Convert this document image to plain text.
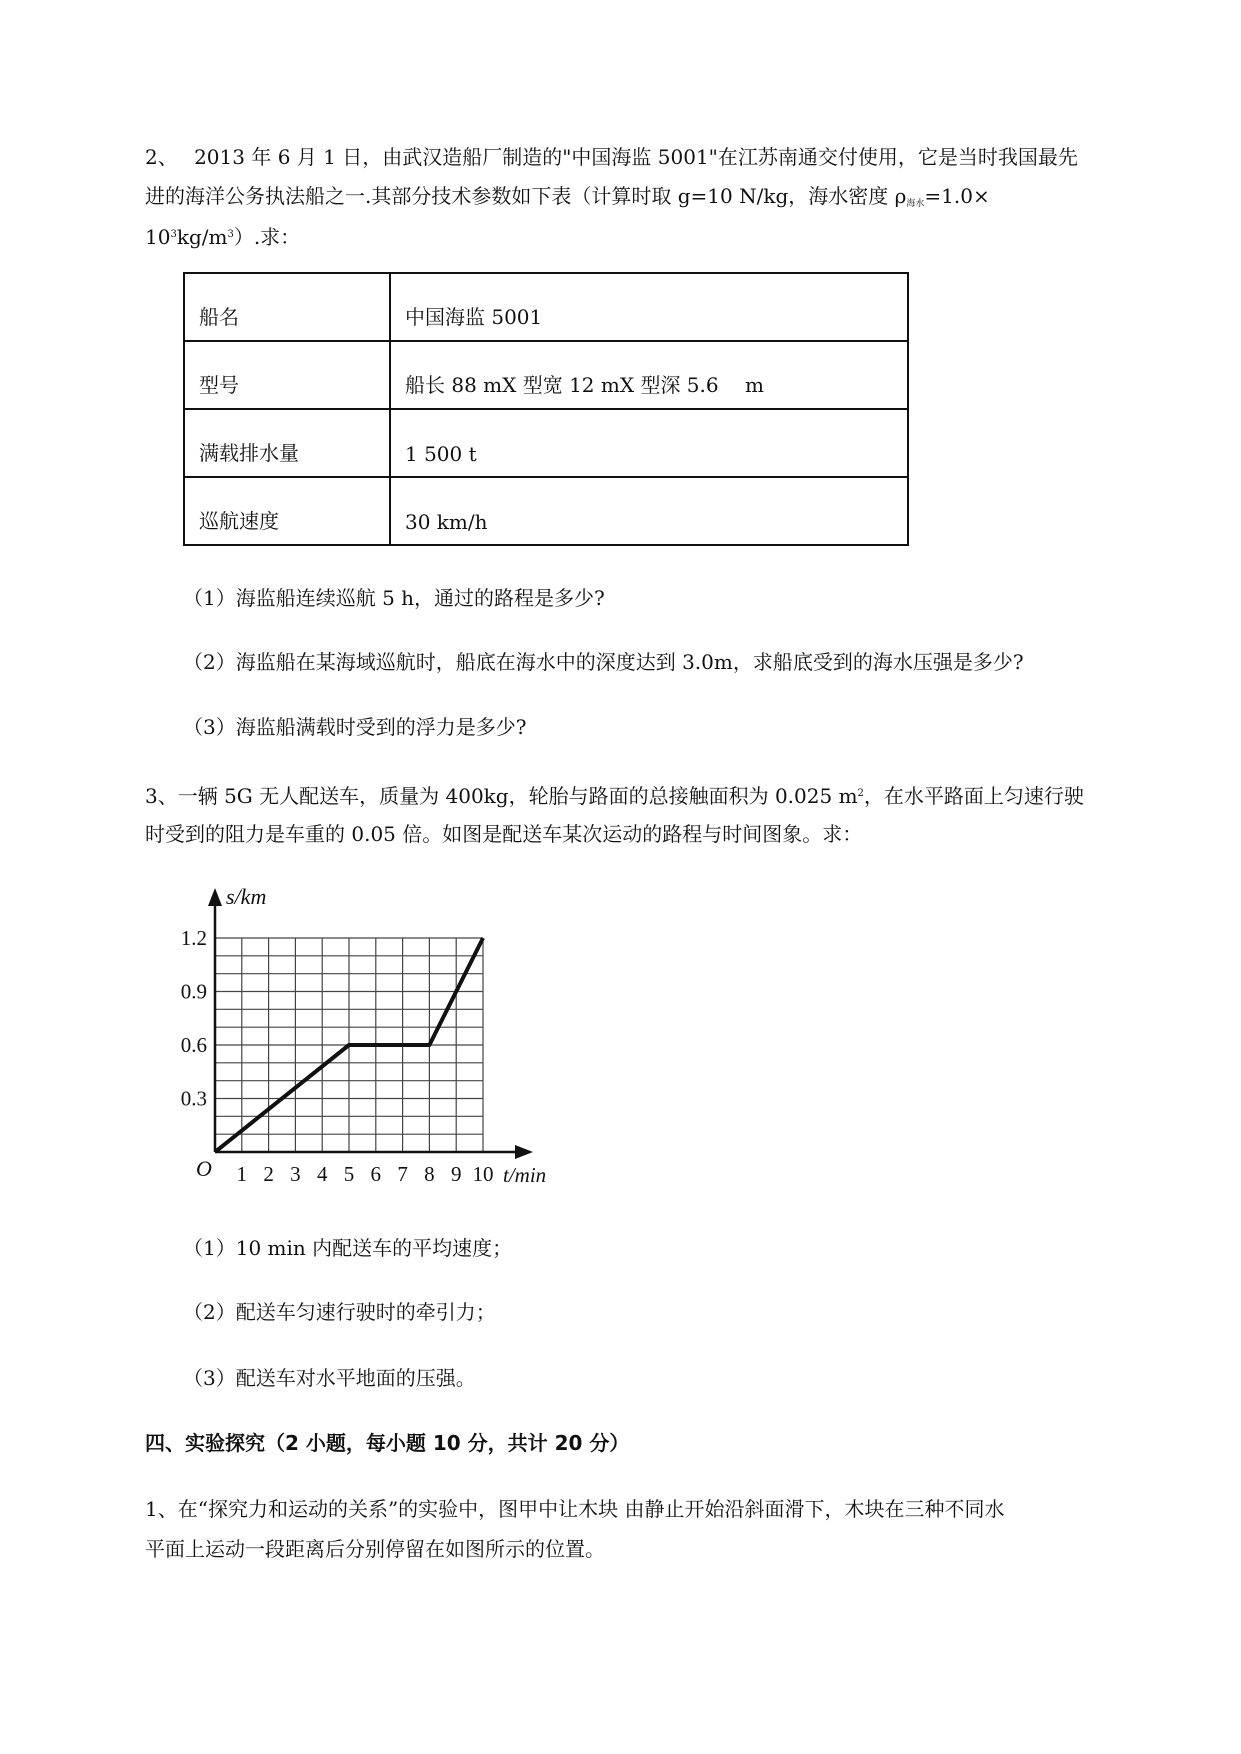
2、　 2013 年 6 月 1 日，由武汉造船厂制造的"中国海监 5001"在江苏南通交付使用，它是当时我国最先
进的海洋公务执法船之一.其部分技术参数如下表（计算时取 g=10 N/kg，海水密度 $\rho_{海水}=1.0\times$
$10^3kg/m^3$）.求：
船名	中国海监 5001
型号	船长 88 mX 型宽 12 mX 型深 5.6　 m
满载排水量	1 500 t
巡航速度	30 km/h
（1）海监船连续巡航 5 h，通过的路程是多少?
（2）海监船在某海域巡航时，船底在海水中的深度达到 3.0m，求船底受到的海水压强是多少?
（3）海监船满载时受到的浮力是多少?
3、一辆 5G 无人配送车，质量为 400kg，轮胎与路面的总接触面积为 0.025 $m^2$，在水平路面上匀速行驶
时受到的阻力是车重的 0.05 倍。如图是配送车某次运动的路程与时间图象。求：
s/km
t/min
O 1 2 3 4 5 6 7 8 9 10
0.3
0.6
0.9
1.2
（1）10 min 内配送车的平均速度；
（2）配送车匀速行驶时的牵引力；
（3）配送车对水平地面的压强。
四、实验探究（2 小题，每小题 10 分，共计 20 分）
1、在“探究力和运动的关系”的实验中，图甲中让木块 由静止开始沿斜面滑下，木块在三种不同水
平面上运动一段距离后分别停留在如图所示的位置。
